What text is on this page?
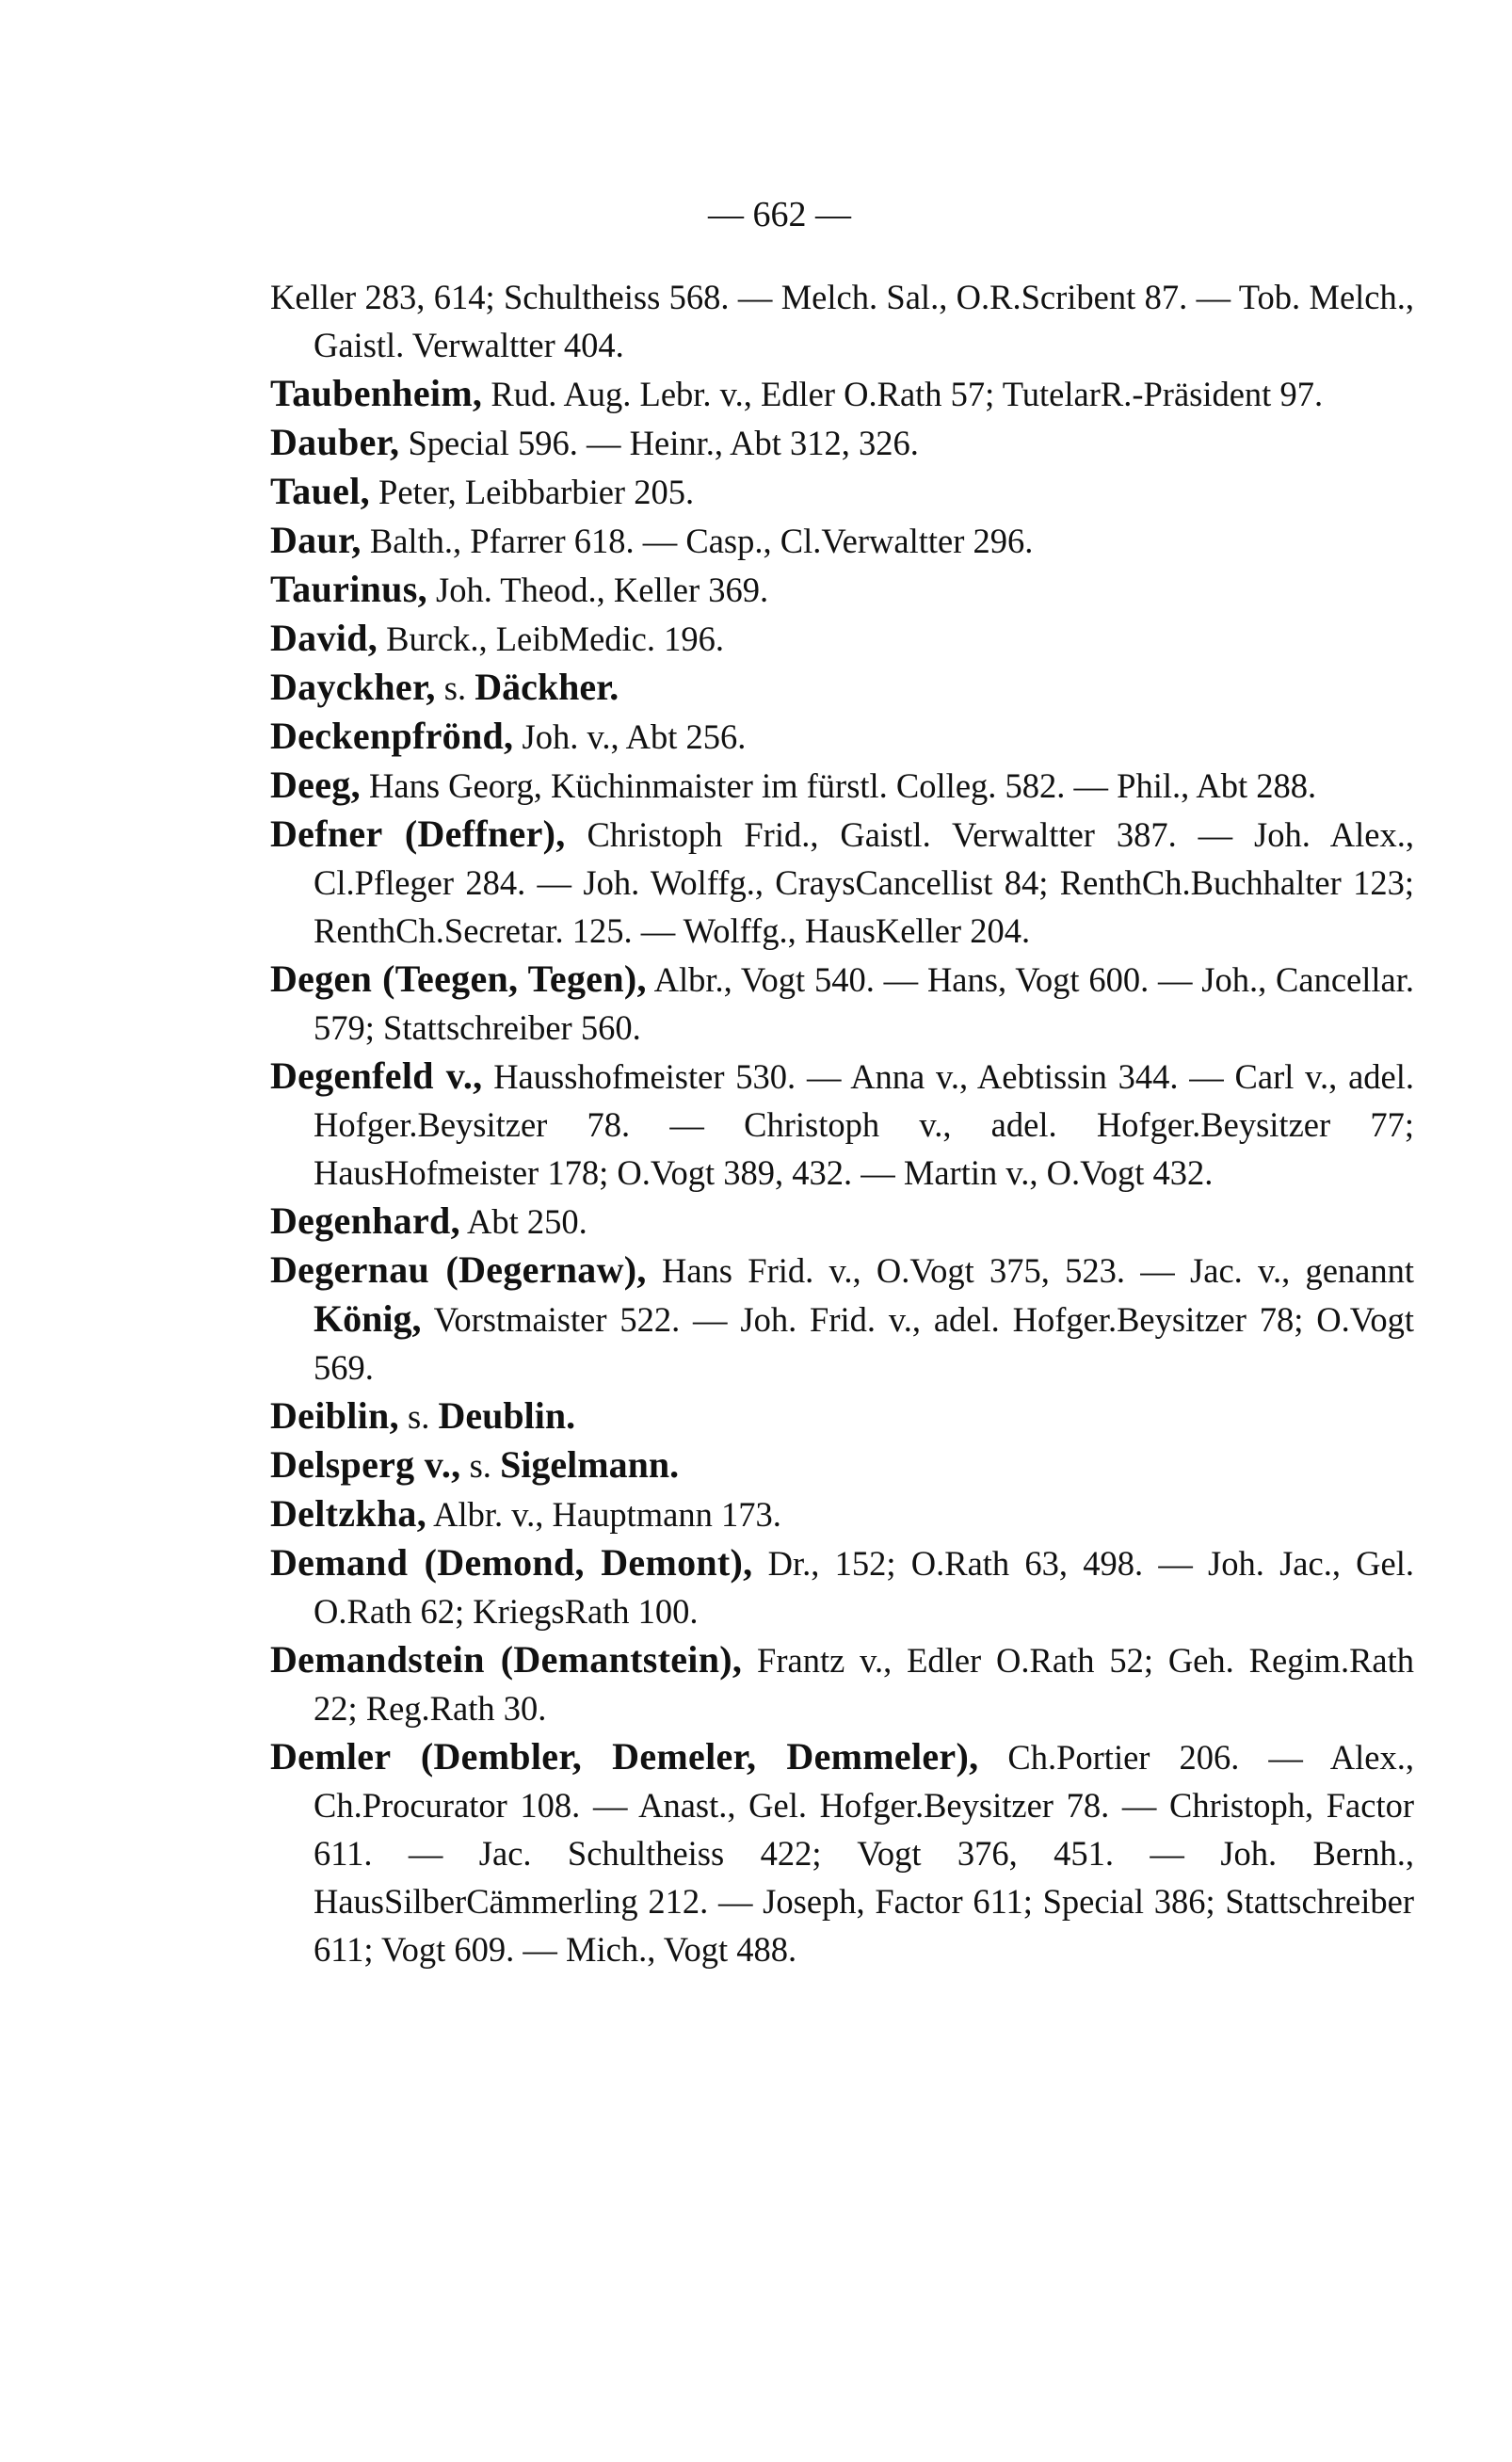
— 662 —
Keller 283, 614; Schultheiss 568. — Melch. Sal., O.R.Scribent 87. — Tob. Melch., Gaistl. Verwaltter 404.
Taubenheim, Rud. Aug. Lebr. v., Edler O.Rath 57; TutelarR.-Präsident 97.
Dauber, Special 596. — Heinr., Abt 312, 326.
Tauel, Peter, Leibbarbier 205.
Daur, Balth., Pfarrer 618. — Casp., Cl.Verwaltter 296.
Taurinus, Joh. Theod., Keller 369.
David, Burck., LeibMedic. 196.
Dayckher, s. Däckher.
Deckenpfrönd, Joh. v., Abt 256.
Deeg, Hans Georg, Küchinmaister im fürstl. Colleg. 582. — Phil., Abt 288.
Defner (Deffner), Christoph Frid., Gaistl. Verwaltter 387. — Joh. Alex., Cl.Pfleger 284. — Joh. Wolffg., CraysCancellist 84; RenthCh.Buchhalter 123; RenthCh.Secretar. 125. — Wolffg., HausKeller 204.
Degen (Teegen, Tegen), Albr., Vogt 540. — Hans, Vogt 600. — Joh., Cancellar. 579; Stattschreiber 560.
Degenfeld v., Hausshofmeister 530. — Anna v., Aebtissin 344. — Carl v., adel. Hofger.Beysitzer 78. — Christoph v., adel. Hofger.Beysitzer 77; HausHofmeister 178; O.Vogt 389, 432. — Martin v., O.Vogt 432.
Degenhard, Abt 250.
Degernau (Degernaw), Hans Frid. v., O.Vogt 375, 523. — Jac. v., genannt König, Vorstmaister 522. — Joh. Frid. v., adel. Hofger.Beysitzer 78; O.Vogt 569.
Deiblin, s. Deublin.
Delsperg v., s. Sigelmann.
Deltzkha, Albr. v., Hauptmann 173.
Demand (Demond, Demont), Dr., 152; O.Rath 63, 498. — Joh. Jac., Gel. O.Rath 62; KriegsRath 100.
Demandstein (Demantstein), Frantz v., Edler O.Rath 52; Geh. Regim.Rath 22; Reg.Rath 30.
Demler (Dembler, Demeler, Demmeler), Ch.Portier 206. — Alex., Ch.Procurator 108. — Anast., Gel. Hofger.Beysitzer 78. — Christoph, Factor 611. — Jac. Schultheiss 422; Vogt 376, 451. — Joh. Bernh., HausSilberCämmerling 212. — Joseph, Factor 611; Special 386; Stattschreiber 611; Vogt 609. — Mich., Vogt 488.
